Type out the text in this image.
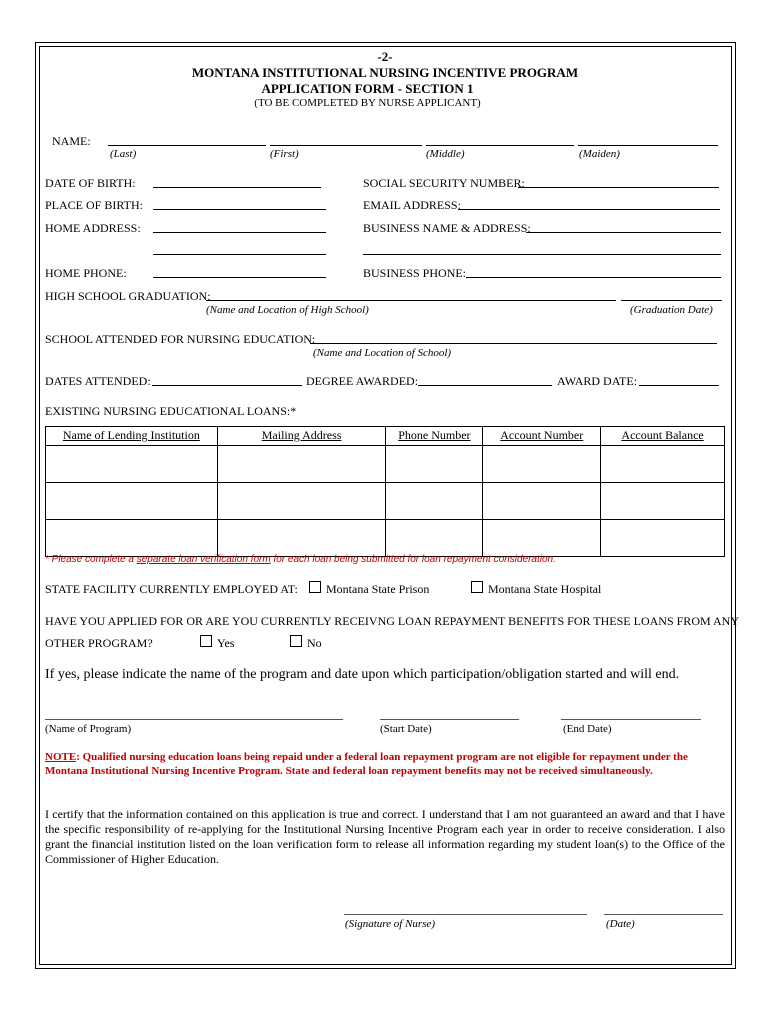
-2-
MONTANA INSTITUTIONAL NURSING INCENTIVE PROGRAM
APPLICATION FORM - SECTION 1
(TO BE COMPLETED BY NURSE APPLICANT)
NAME:
(Last)	(First)	(Middle)	(Maiden)
DATE OF BIRTH:	SOCIAL SECURITY NUMBER:
PLACE OF BIRTH:	EMAIL ADDRESS:
HOME ADDRESS:	BUSINESS NAME & ADDRESS:
HOME PHONE:	BUSINESS PHONE:
HIGH SCHOOL GRADUATION:
(Name and Location of High School)	(Graduation Date)
SCHOOL ATTENDED FOR NURSING EDUCATION:
(Name and Location of School)
DATES ATTENDED:	DEGREE AWARDED:	AWARD DATE:
EXISTING NURSING EDUCATIONAL LOANS:*
Name of Lending Institution	Mailing Address	Phone Number	Account Number	Account Balance

* Please complete a separate loan verification form for each loan being submitted for loan repayment consideration.
STATE FACILITY CURRENTLY EMPLOYED AT: Montana State Prison	Montana State Hospital
HAVE YOU APPLIED FOR OR ARE YOU CURRENTLY RECEIVNG LOAN REPAYMENT BENEFITS FOR THESE LOANS FROM ANY
OTHER PROGRAM?	Yes	No
If yes, please indicate the name of the program and date upon which participation/obligation started and will end.
(Name of Program)	(Start Date)	(End Date)
NOTE: Qualified nursing education loans being repaid under a federal loan repayment program are not eligible for repayment under the Montana Institutional Nursing Incentive Program. State and federal loan repayment benefits may not be received simultaneously.
I certify that the information contained on this application is true and correct. I understand that I am not guaranteed an award and that I have the specific responsibility of re-applying for the Institutional Nursing Incentive Program each year in order to receive consideration. I also grant the financial institution listed on the loan verification form to release all information regarding my student loan(s) to the Office of the Commissioner of Higher Education.
(Signature of Nurse)	(Date)
